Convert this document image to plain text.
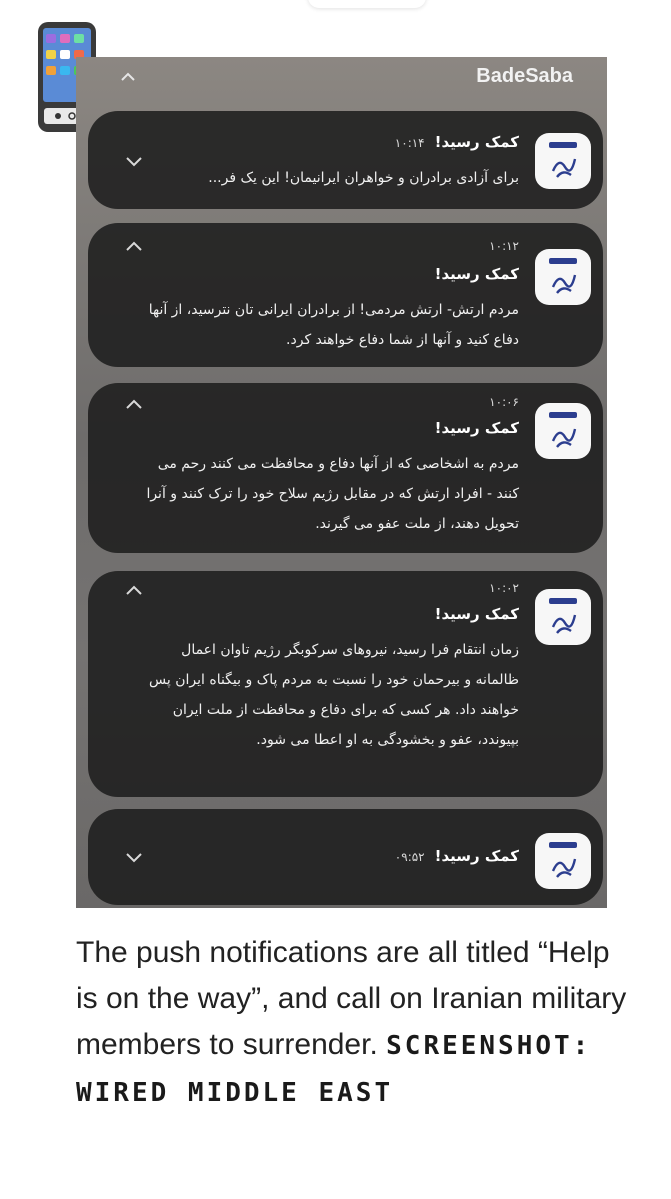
BadeSaba
کمک رسید!۱۰:۱۴
برای آزادی برادران و خواهران ایرانیمان! این یک فر...
۱۰:۱۲
کمک رسید!
مردم ارتش- ارتش مردمی! از برادران ایرانی تان نترسید، از آنها دفاع کنید و آنها از شما دفاع خواهند کرد.
۱۰:۰۶
کمک رسید!
مردم به اشخاصی که از آنها دفاع و محافظت می کنند رحم می کنند - افراد ارتش که در مقابل رژیم سلاح خود را ترک کنند و آنرا تحویل دهند، از ملت عفو می گیرند.
۱۰:۰۲
کمک رسید!
زمان انتقام فرا رسید، نیروهای سرکوبگر رژیم تاوان اعمال ظالمانه و بیرحمان خود را نسبت به مردم پاک و بیگناه ایران پس خواهند داد. هر کسی که برای دفاع و محافظت از ملت ایران بپیوندد، عفو و بخشودگی به او اعطا می شود.
کمک رسید!۰۹:۵۲
The push notifications are all titled “Help is on the way”, and call on Iranian military members to surrender. SCREENSHOT: WIRED MIDDLE EAST
